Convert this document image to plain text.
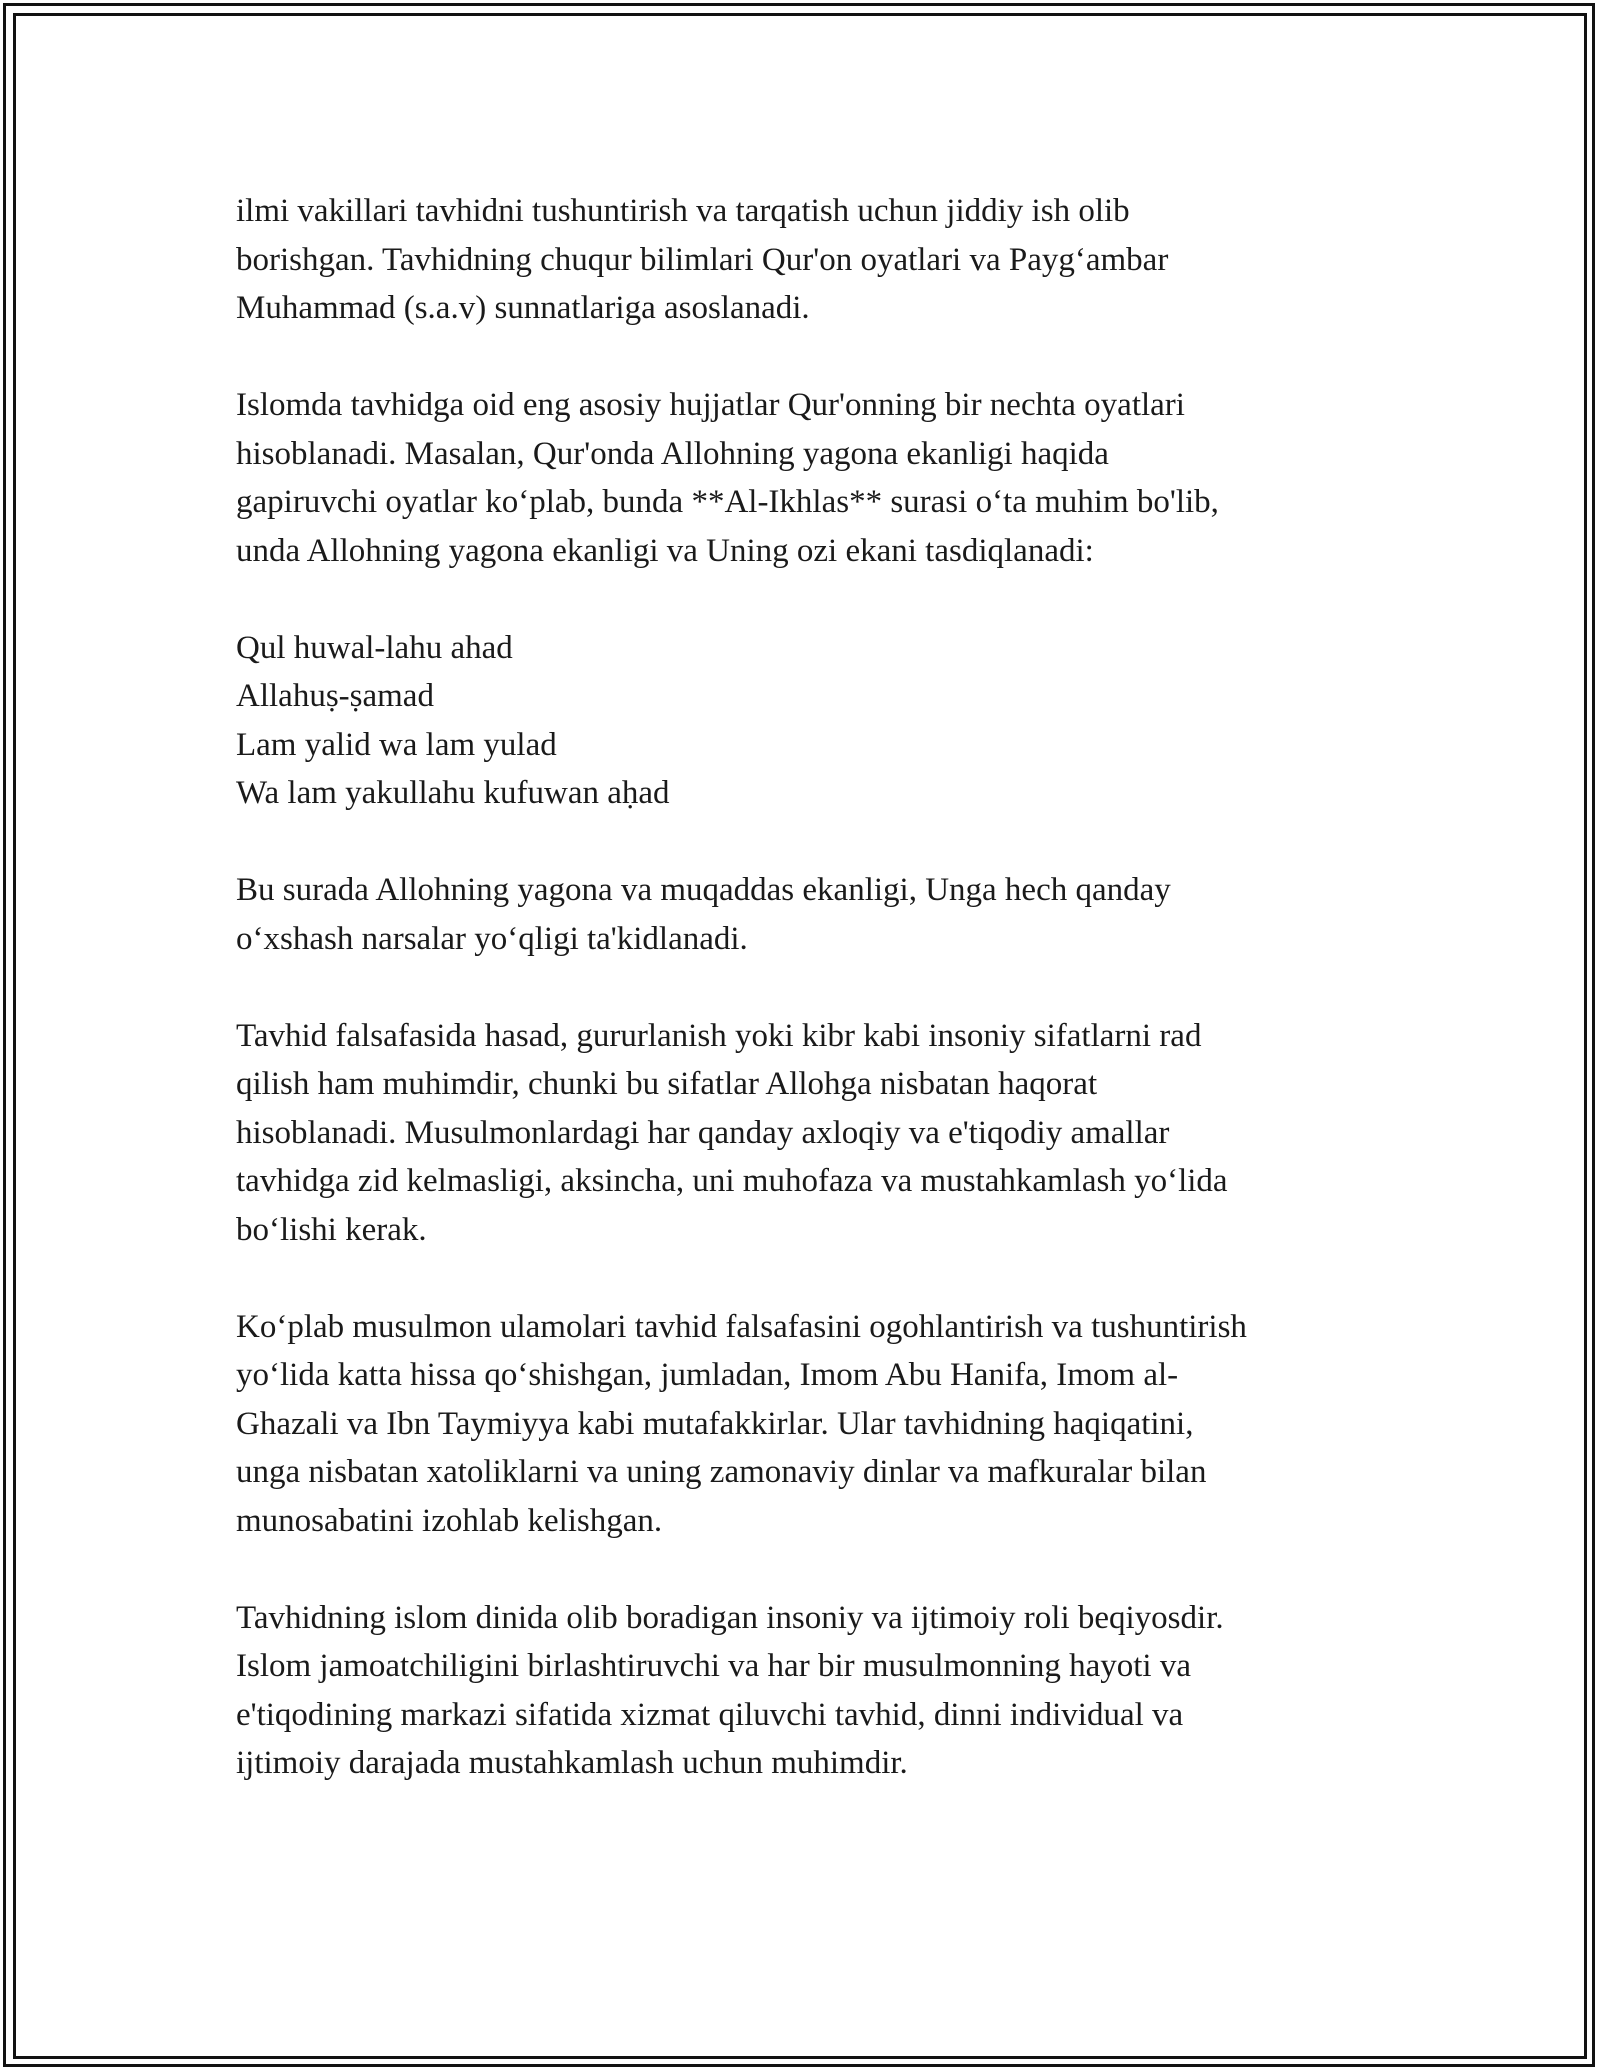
ilmi vakillari tavhidni tushuntirish va tarqatish uchun jiddiy ish olib
borishgan. Tavhidning chuqur bilimlari Qur'on oyatlari va Payg‘ambar
Muhammad (s.a.v) sunnatlariga asoslanadi.

Islomda tavhidga oid eng asosiy hujjatlar Qur'onning bir nechta oyatlari
hisoblanadi. Masalan, Qur'onda Allohning yagona ekanligi haqida
gapiruvchi oyatlar ko‘plab, bunda **Al-Ikhlas** surasi o‘ta muhim bo'lib,
unda Allohning yagona ekanligi va Uning ozi ekani tasdiqlanadi:

Qul huwal-lahu ahad
Allahuṣ-ṣamad
Lam yalid wa lam yulad
Wa lam yakullahu kufuwan aḥad

Bu surada Allohning yagona va muqaddas ekanligi, Unga hech qanday
o‘xshash narsalar yo‘qligi ta'kidlanadi.

Tavhid falsafasida hasad, gururlanish yoki kibr kabi insoniy sifatlarni rad
qilish ham muhimdir, chunki bu sifatlar Allohga nisbatan haqorat
hisoblanadi. Musulmonlardagi har qanday axloqiy va e'tiqodiy amallar
tavhidga zid kelmasligi, aksincha, uni muhofaza va mustahkamlash yo‘lida
bo‘lishi kerak.

Ko‘plab musulmon ulamolari tavhid falsafasini ogohlantirish va tushuntirish
yo‘lida katta hissa qo‘shishgan, jumladan, Imom Abu Hanifa, Imom al-
Ghazali va Ibn Taymiyya kabi mutafakkirlar. Ular tavhidning haqiqatini,
unga nisbatan xatoliklarni va uning zamonaviy dinlar va mafkuralar bilan
munosabatini izohlab kelishgan.

Tavhidning islom dinida olib boradigan insoniy va ijtimoiy roli beqiyosdir.
Islom jamoatchiligini birlashtiruvchi va har bir musulmonning hayoti va
e'tiqodining markazi sifatida xizmat qiluvchi tavhid, dinni individual va
ijtimoiy darajada mustahkamlash uchun muhimdir.
